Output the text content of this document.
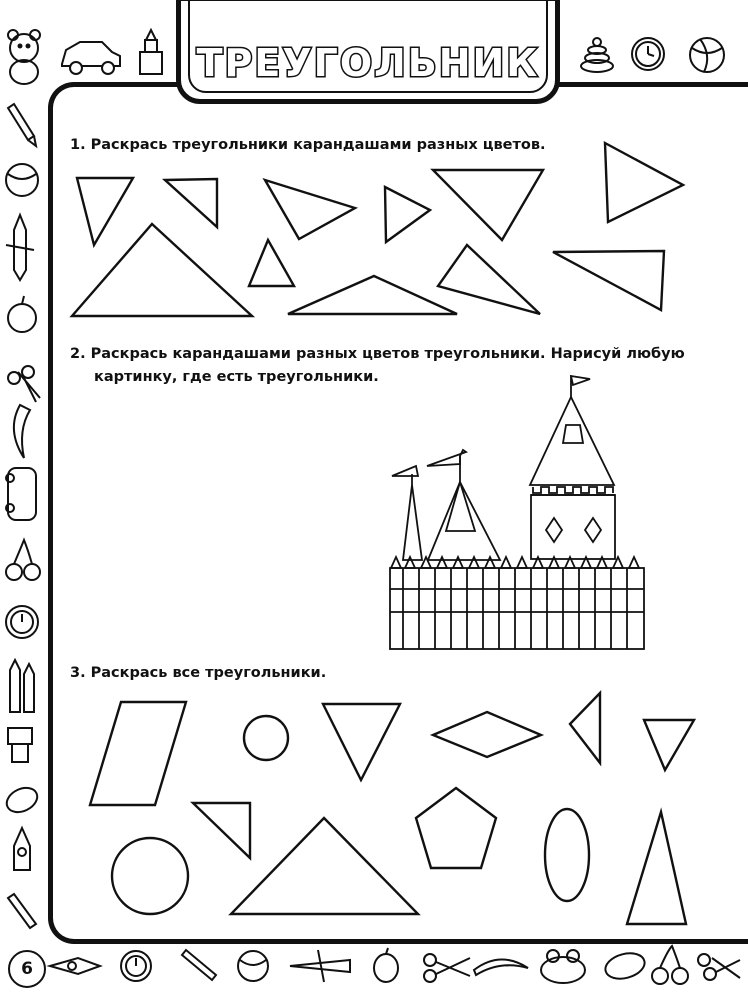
ТРЕУГОЛЬНИК
1. Раскрась треугольники карандашами разных цветов.
2. Раскрась карандашами разных цветов треугольники. Нарисуй любую
картинку, где есть треугольники.
3. Раскрась все треугольники.
6
